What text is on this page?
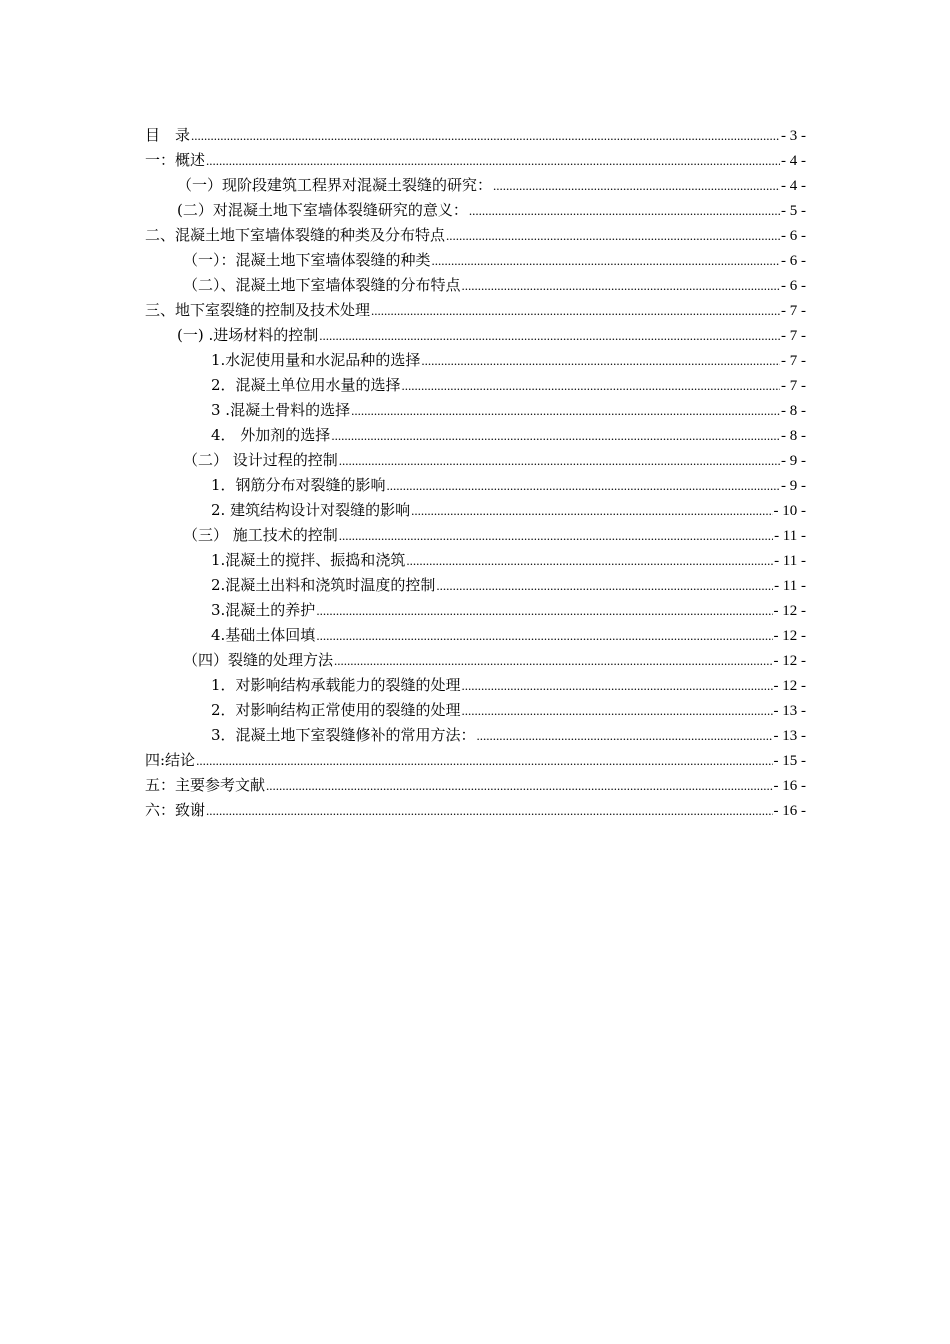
目　录 .....	- 3 -
一：概述 .....	- 4 -
（一）现阶段建筑工程界对混凝土裂缝的研究： .....	- 4 -
(二）对混凝土地下室墙体裂缝研究的意义： .....	- 5 -
二、混凝土地下室墙体裂缝的种类及分布特点 .....	- 6 -
（一）：混凝土地下室墙体裂缝的种类 .....	- 6 -
（二）、混凝土地下室墙体裂缝的分布特点 .....	- 6 -
三、地下室裂缝的控制及技术处理 .....	- 7 -
(一) .进场材料的控制 .....	- 7 -
1.水泥使用量和水泥品种的选择 .....	- 7 -
2．混凝土单位用水量的选择 .....	- 7 -
3 .混凝土骨料的选择 .....	- 8 -
4． 外加剂的选择 .....	- 8 -
（二） 设计过程的控制 .....	- 9 -
1．钢筋分布对裂缝的影响 .....	- 9 -
2. 建筑结构设计对裂缝的影响 .....	- 10 -
（三） 施工技术的控制 .....	- 11 -
1.混凝土的搅拌、振捣和浇筑 .....	- 11 -
2.混凝土出料和浇筑时温度的控制 .....	- 11 -
3.混凝土的养护 .....	- 12 -
4.基础土体回填 .....	- 12 -
（四）裂缝的处理方法 .....	- 12 -
1．对影响结构承载能力的裂缝的处理 .....	- 12 -
2．对影响结构正常使用的裂缝的处理 .....	- 13 -
3．混凝土地下室裂缝修补的常用方法： .....	- 13 -
四:结论 .....	- 15 -
五：主要参考文献 .....	- 16 -
六：致谢 .....	- 16 -
